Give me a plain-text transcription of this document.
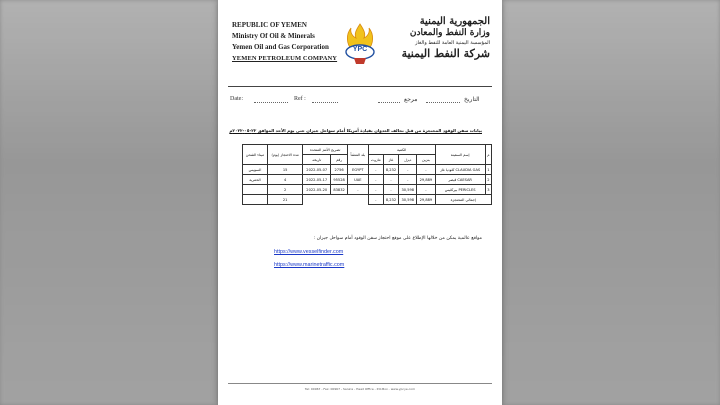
REPUBLIC OF YEMEN
Ministry Of Oil & Minerals
Yemen Oil and Gas Corporation
YEMEN PETROLEUM COMPANY
YPC
الجمهورية اليمنية
وزارة النفط والمعادن
المؤسسة اليمنية العامة للنفط والغاز
شركة النفط اليمنية
Date:	Ref :	مرجع	التاريخ
بيانات سفن الوقود المحتجزة من قبل تحالف العدوان بقيادة أمريكا أمام سواحل جيزان حتى يوم الأحد الموافق ٢٢-٠٥-٢٠٢٢م
ميناء الشحن	مدة الاحتجاز (يوم)	تصريح الأمم المتحدة		بلد المنشأ	الكمية				إسم السفينة	م
		تاريخه	رقم		مازوت	غاز	ديزل	بنزين		
السويس	15	2022-05-07	2756	EGYPT	-	8,232	-	-	كلوديا غاز CLAUDIA GAS	1
الحمرية	4	2022-05-17	95528	UAE	-	-	-	29,889	قيصر CAESAR	2
	2	2022-05-20	83832	-	-	-	30,598	-	بيركليس PERICLES	3
	21				-	8,232	30,598	29,889	إجمالي المحتجزة	
مواقع عالمية يمكن من خلالها الإطلاع على موقع احتجاز سفن الوقود أمام سواحل جيزان :
https://www.vesselfinder.com
https://www.marinetraffic.com
Tel: 00967 - Fax: 00967 - Sana'a - Head Office - P.O.Box - www.ypcye.com
